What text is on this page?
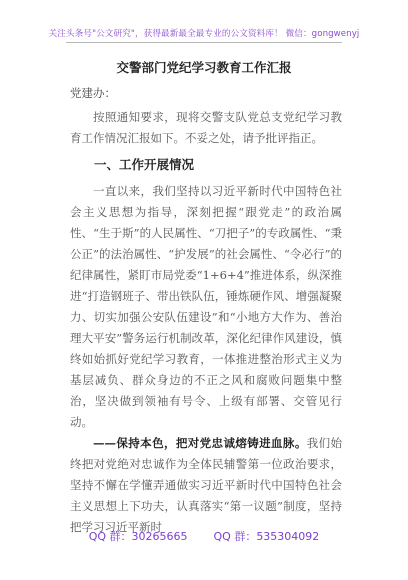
关注头条号"公文研究"，获得最新最全最专业的公文资料库！ 微信：gongwenyj
交警部门党纪学习教育工作汇报
党建办：

按照通知要求，现将交警支队党总支党纪学习教育工作情况汇报如下。不妥之处，请予批评指正。

一、工作开展情况

一直以来，我们坚持以习近平新时代中国特色社会主义思想为指导，深刻把握“跟党走”的政治属性、“生于斯”的人民属性、“刀把子”的专政属性、“秉公正”的法治属性、“护发展”的社会属性、“令必行”的纪律属性，紧盯市局党委“1+6+4”推进体系，纵深推进“打造钢班子、带出铁队伍，锤炼硬作风、增强凝聚力、切实加强公安队伍建设”和“小地方大作为、善治理大平安”警务运行机制改革，深化纪律作风建设，慎终如始抓好党纪学习教育，一体推进整治形式主义为基层减负、群众身边的不正之风和腐败问题集中整治，坚决做到领袖有号令、上级有部署、交管见行动。

——保持本色，把对党忠诚熔铸进血脉。我们始终把对党绝对忠诚作为全体民辅警第一位政治要求，坚持不懈在学懂弄通做实习近平新时代中国特色社会主义思想上下功夫，认真落实“第一议题”制度，坚持把学习习近平新时

QQ 群：30265665 QQ 群：535304092
